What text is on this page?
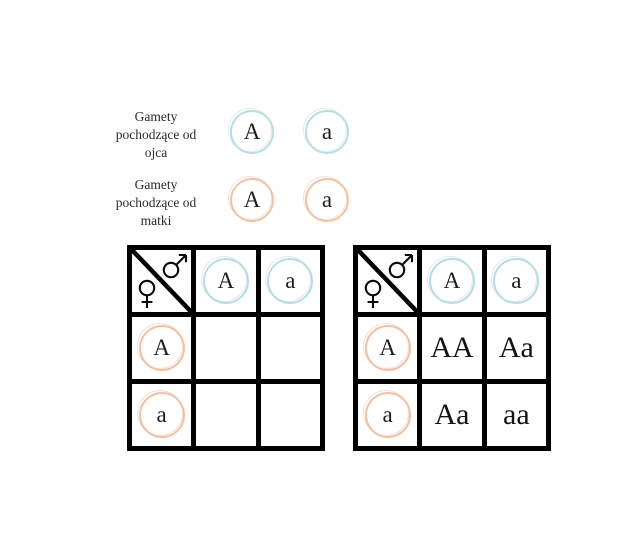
Gamety
pochodzące od
ojca
A	a
Gamety
pochodzące od
matki
A	a
A a
A
a
A a
A AA Aa
a Aa aa
